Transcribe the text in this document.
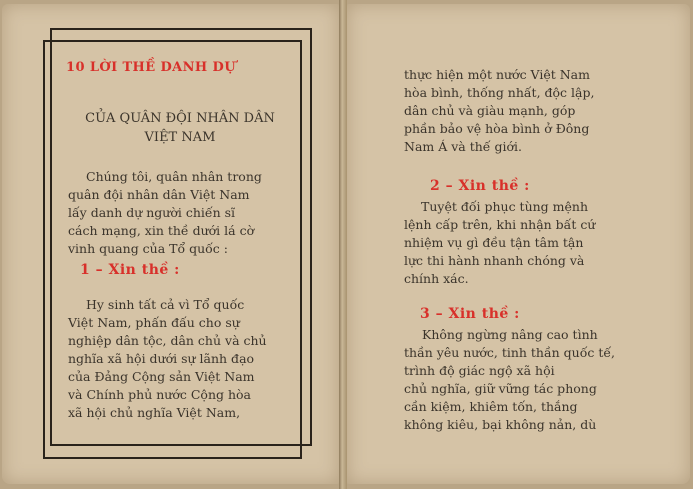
10 LỜI THỀ DANH DỰ
CỦA QUÂN ĐỘI NHÂN DÂN
VIỆT NAM
Chúng tôi, quân nhân trong
quân đội nhân dân Việt Nam
lấy danh dự người chiến sĩ
cách mạng, xin thề dưới lá cờ
vinh quang của Tổ quốc :
1 – Xin thề :
Hy sinh tất cả vì Tổ quốc
Việt Nam, phấn đấu cho sự
nghiệp dân tộc, dân chủ và chủ
nghĩa xã hội dưới sự lãnh đạo
của Đảng Cộng sản Việt Nam
và Chính phủ nước Cộng hòa
xã hội chủ nghĩa Việt Nam,
thực hiện một nước Việt Nam
hòa bình, thống nhất, độc lập,
dân chủ và giàu mạnh, góp
phần bảo vệ hòa bình ở Đông
Nam Á và thế giới.
2 – Xin thề :
Tuyệt đối phục tùng mệnh
lệnh cấp trên, khi nhận bất cứ
nhiệm vụ gì đều tận tâm tận
lực thi hành nhanh chóng và
chính xác.
3 – Xin thề :
Không ngừng nâng cao tình
thần yêu nước, tinh thần quốc tế,
trình độ giác ngộ xã hội
chủ nghĩa, giữ vững tác phong
cần kiệm, khiêm tốn, thắng
không kiêu, bại không nản, dù
